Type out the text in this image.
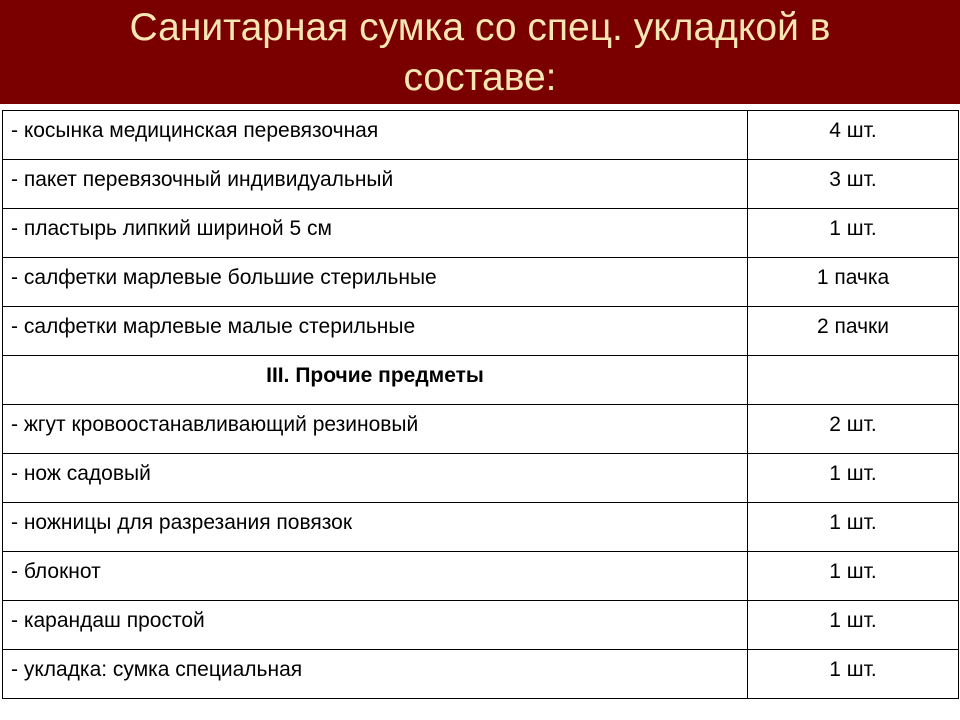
Санитарная сумка со спец. укладкой в составе:
- косынка медицинская перевязочная	4 шт.
- пакет перевязочный индивидуальный	3 шт.
- пластырь липкий шириной 5 см	1 шт.
- салфетки марлевые большие стерильные	1 пачка
- салфетки марлевые малые стерильные	2 пачки
III. Прочие предметы	
- жгут кровоостанавливающий резиновый	2 шт.
- нож садовый	1 шт.
- ножницы для разрезания повязок	1 шт.
- блокнот	1 шт.
- карандаш простой	1 шт.
- укладка: сумка специальная	1 шт.
